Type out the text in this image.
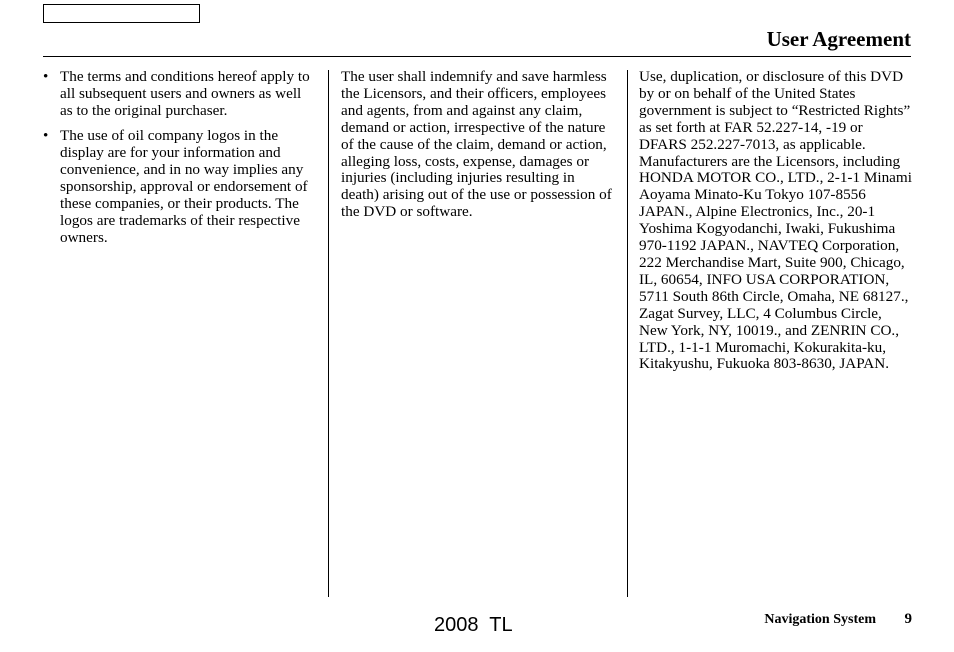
User Agreement
• The terms and conditions hereof apply to all subsequent users and owners as well as to the original purchaser.
• The use of oil company logos in the display are for your information and convenience, and in no way implies any sponsorship, approval or endorsement of these companies, or their products. The logos are trademarks of their respective owners.

The user shall indemnify and save harmless the Licensors, and their officers, employees and agents, from and against any claim, demand or action, irrespective of the nature of the cause of the claim, demand or action, alleging loss, costs, expense, damages or injuries (including injuries resulting in death) arising out of the use or possession of the DVD or software.

Use, duplication, or disclosure of this DVD by or on behalf of the United States government is subject to “Restricted Rights” as set forth at FAR 52.227-14, -19 or DFARS 252.227-7013, as applicable. Manufacturers are the Licensors, including HONDA MOTOR CO., LTD., 2-1-1 Minami Aoyama Minato-Ku Tokyo 107-8556 JAPAN., Alpine Electronics, Inc., 20-1 Yoshima Kogyodanchi, Iwaki, Fukushima 970-1192 JAPAN., NAVTEQ Corporation, 222 Merchandise Mart, Suite 900, Chicago, IL, 60654, INFO USA CORPORATION, 5711 South 86th Circle, Omaha, NE 68127.,

Zagat Survey, LLC, 4 Columbus Circle, New York, NY, 10019., and ZENRIN CO., LTD., 1-1-1 Muromachi, Kokurakita-ku, Kitakyushu, Fukuoka 803-8630, JAPAN.

2008  TL	Navigation System 9
